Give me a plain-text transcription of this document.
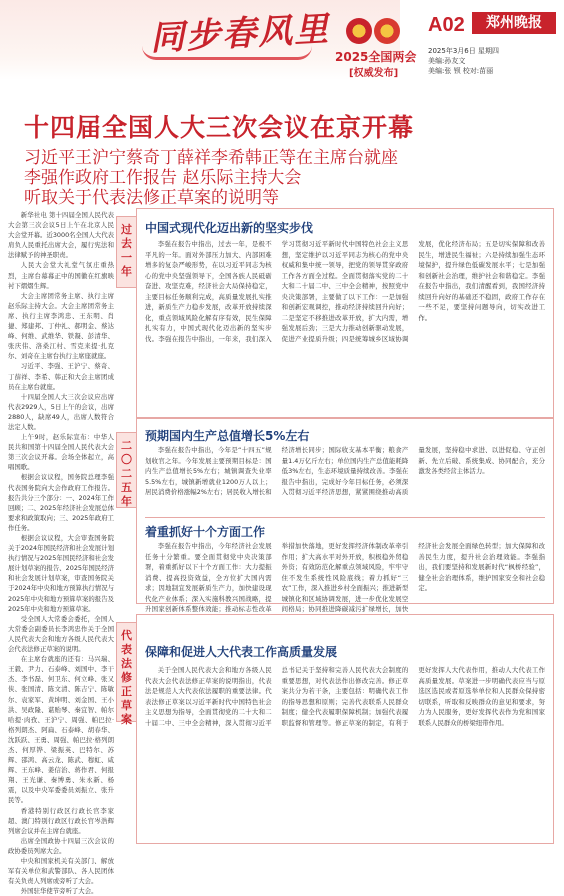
同步春风里 2025全国两会
[权威发布]
A02	郑州晚报
2025年3月6日 星期四
美编:孙友文
美编:张 钡 校对:苗丽
十四届全国人大三次会议在京开幕
习近平王沪宁蔡奇丁薛祥李希韩正等在主席台就座
李强作政府工作报告 赵乐际主持大会
听取关于代表法修正草案的说明等

新华社电 第十四届全国人民代表大会第三次会议5日上午在北京人民大会堂开幕。近3000名全国人大代表肩负人民重托出席大会，履行宪法和法律赋予的神圣职责。

人民大会堂大礼堂气氛庄重热烈，主席台幕幕正中的国徽在红旗映衬下熠熠生辉。

大会主席团常务主席、执行主席赵乐际主持大会。大会主席团常务主席、执行主席李鸿忠、王东明、肖捷、郑建邦、丁仲礼、郝明金、蔡达峰、何维、武维华、铁凝、彭清华、张庆伟、洛桑江村、雪克来提·扎克尔、刘奇在主席台执行主席座就座。

习近平、李强、王沪宁、蔡奇、丁薛祥、李希、韩正和大会主席团成员在主席台就座。

十四届全国人大三次会议应出席代表2929人，5日上午的会议，出席2880人，缺席49人，出席人数符合法定人数。

上午9时，赵乐际宣布：中华人民共和国第十四届全国人民代表大会第三次会议开幕。会场全体起立，高唱国歌。

根据会议议程，国务院总理李强代表国务院向大会作政府工作报告。报告共分三个部分：一、2024年工作回顾；二、2025年经济社会发展总体要求和政策取向；三、2025年政府工作任务。

根据会议议程，大会审查国务院关于2024年国民经济和社会发展计划执行情况与2025年国民经济和社会发展计划草案的报告、2025年国民经济和社会发展计划草案，审查国务院关于2024年中央和地方预算执行情况与2025年中央和地方预算草案的报告及2025年中央和地方预算草案。

受全国人大常委会委托，全国人大常委会副委员长李鸿忠作关于全国人民代表大会和地方各级人民代表大会代表法修正草案的说明。

在主席台就座的还有：马兴瑞、王毅、尹力、石泰峰、刘国中、李干杰、李书磊、何卫东、何立峰、张又侠、张国清、陈文清、陈吉宁、陈敏尔、袁家军、黄坤明、刘金国、王小洪、吴政隆、谌贻琴、秦宜智、帕尔哈提·肉孜、王沪宁、周强、帕巴拉·格列朗杰、阿扁、石泰峰、胡春华、沈跃跃、王勇、周强、帕巴拉·格列朗杰、何厚铧、梁振英、巴特尔、苏辉、邵鸿、高云龙、陈武、穆虹、咸辉、王东峰、姜信治、蒋作君、何报翔、王光谦、秦博勇、朱永新、杨震，以及中央军委委员刘振立、张升民等。

香港特别行政区行政长官李家超、澳门特别行政区行政长官岑浩辉列席会议并在主席台就座。

出席全国政协十四届三次会议的政协委员列席大会。

中央和国家机关有关部门、解放军有关单位和武警部队、各人民团体有关负责人列席或旁听了大会。

外国驻华使节旁听了大会。

过去一年
二〇二五年
代表法修正草案
中国式现代化迈出新的坚实步伐

李强在报告中指出，过去一年，是极不平凡的一年。面对外部压力加大、内部困难增多的复杂严峻形势，在以习近平同志为核心的党中央坚强领导下，全国各族人民砥砺奋进、攻坚克难，经济社会大局保持稳定，主要目标任务顺利完成，高质量发展扎实推进，新质生产力稳步发展，改革开放持续深化，重点领域风险化解有序有效，民生保障扎实有力，中国式现代化迈出新的坚实步伐。李强在报告中指出，一年来，我们深入学习贯彻习近平新时代中国特色社会主义思想，坚定维护以习近平同志为核心的党中央权威和集中统一领导，把党的领导贯穿政府工作各方面全过程。全面贯彻落实党的二十大和二十届二中、三中全会精神，按照党中央决策部署，主要做了以下工作：一是加强和创新宏观调控，推动经济持续回升向好；二是坚定不移推进改革开放，扩大内需，增强发展后劲；三是大力推动创新驱动发展，促进产业提质升级；四是统筹城乡区域协调发展，优化经济布局；五是切实保障和改善民生，增进民生福祉；六是持续加强生态环境保护，提升绿色低碳发展水平；七是加强和创新社会治理，维护社会和谐稳定。李强在报告中指出，我们清醒看到，我国经济持续回升向好的基础还不稳固，政府工作存在一些不足，要坚持问题导向，切实改进工作。

预期国内生产总值增长5%左右

李强在报告中指出，今年是“十四五”规划收官之年。今年发展主要预期目标是：国内生产总值增长5%左右；城镇调查失业率5.5%左右，城镇新增就业1200万人以上；居民消费价格涨幅2%左右；居民收入增长和经济增长同步；国际收支基本平衡；粮食产量1.4万亿斤左右；单位国内生产总值能耗降低3%左右，生态环境质量持续改善。李强在报告中指出，完成好今年目标任务，必须深入贯彻习近平经济思想，紧紧围绕推动高质量发展，坚持稳中求进、以进促稳、守正创新、先立后破、系统集成、协同配合，充分激发各类经营主体活力。

着重抓好十个方面工作

李强在报告中指出，今年经济社会发展任务十分繁重。要全面贯彻党中央决策部署，着重抓好以下十个方面工作：大力提振消费、提高投资效益，全方位扩大国内需求；因地制宜发展新质生产力，加快建设现代化产业体系；深入实施科教兴国战略，提升国家创新体系整体效能；推动标志性改革举措加快落地，更好发挥经济体制改革牵引作用；扩大高水平对外开放，积极稳外贸稳外资；有效防范化解重点领域风险，牢牢守住不发生系统性风险底线；着力抓好“三农”工作，深入推进乡村全面振兴；推进新型城镇化和区域协调发展，进一步优化发展空间格局；协同推进降碳减污扩绿增长，加快经济社会发展全面绿色转型；加大保障和改善民生力度，提升社会治理效能。李强指出，我们要坚持和发展新时代“枫桥经验”，健全社会治理体系，维护国家安全和社会稳定。

保障和促进人大代表工作高质量发展

关于全国人民代表大会和地方各级人民代表大会代表法修正草案的说明指出，代表法是规范人大代表依法履职的重要法律。代表法修正草案以习近平新时代中国特色社会主义思想为指导，全面贯彻党的二十大和二十届二中、三中全会精神，深入贯彻习近平总书记关于坚持和完善人民代表大会制度的重要思想，对代表法作出修改完善。修正草案共分为若干条，主要包括：明确代表工作的指导思想和原则；完善代表联系人民群众制度；健全代表履职保障机制；加强代表履职监督和管理等。修正草案的制定，有利于更好发挥人大代表作用，推动人大代表工作高质量发展。草案进一步明确代表应当与原选区选民或者原选举单位和人民群众保持密切联系，听取和反映群众的意见和要求，努力为人民服务，更好发挥代表作为党和国家联系人民群众的桥梁纽带作用。
